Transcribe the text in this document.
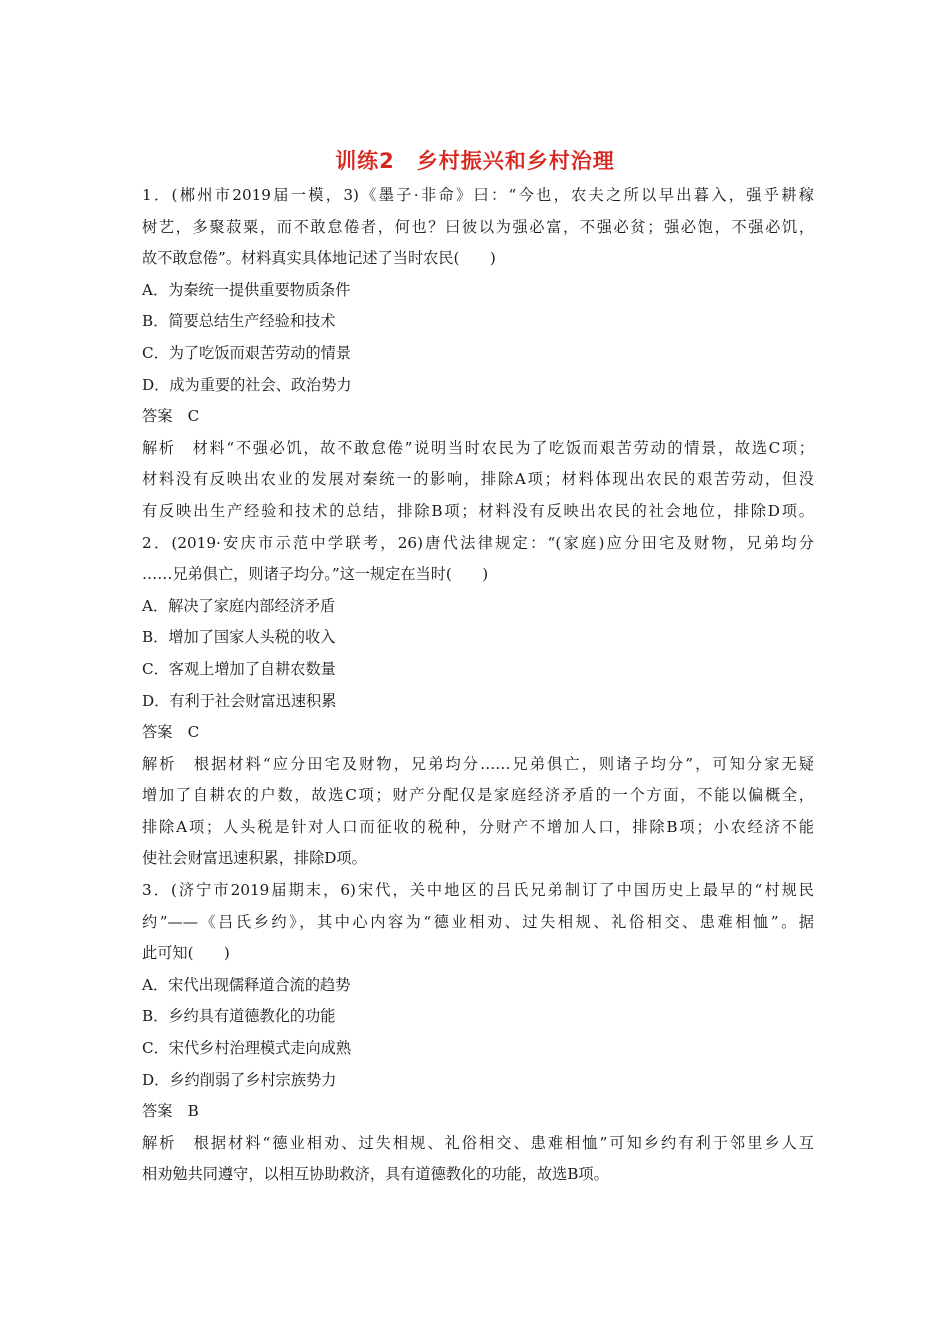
训练2　乡村振兴和乡村治理
1．(郴州市2019届一模，3)《墨子·非命》曰：“今也，农夫之所以早出暮入，强乎耕稼
树艺，多聚菽粟，而不敢怠倦者，何也？曰彼以为强必富，不强必贫；强必饱，不强必饥，
故不敢怠倦”。材料真实具体地记述了当时农民(　　)
A．为秦统一提供重要物质条件
B．简要总结生产经验和技术
C．为了吃饭而艰苦劳动的情景
D．成为重要的社会、政治势力
答案　C
解析　材料“不强必饥，故不敢怠倦”说明当时农民为了吃饭而艰苦劳动的情景，故选C项；
材料没有反映出农业的发展对秦统一的影响，排除A项；材料体现出农民的艰苦劳动，但没
有反映出生产经验和技术的总结，排除B项；材料没有反映出农民的社会地位，排除D项。
2．(2019·安庆市示范中学联考，26)唐代法律规定：“(家庭)应分田宅及财物，兄弟均分
……兄弟俱亡，则诸子均分。”这一规定在当时(　　)
A．解决了家庭内部经济矛盾
B．增加了国家人头税的收入
C．客观上增加了自耕农数量
D．有利于社会财富迅速积累
答案　C
解析　根据材料“应分田宅及财物，兄弟均分……兄弟俱亡，则诸子均分”，可知分家无疑
增加了自耕农的户数，故选C项；财产分配仅是家庭经济矛盾的一个方面，不能以偏概全，
排除A项；人头税是针对人口而征收的税种，分财产不增加人口，排除B项；小农经济不能
使社会财富迅速积累，排除D项。
3．(济宁市2019届期末，6)宋代，关中地区的吕氏兄弟制订了中国历史上最早的“村规民
约”——《吕氏乡约》，其中心内容为“德业相劝、过失相规、礼俗相交、患难相恤”。据
此可知(　　)
A．宋代出现儒释道合流的趋势
B．乡约具有道德教化的功能
C．宋代乡村治理模式走向成熟
D．乡约削弱了乡村宗族势力
答案　B
解析　根据材料“德业相劝、过失相规、礼俗相交、患难相恤”可知乡约有利于邻里乡人互
相劝勉共同遵守，以相互协助救济，具有道德教化的功能，故选B项。
